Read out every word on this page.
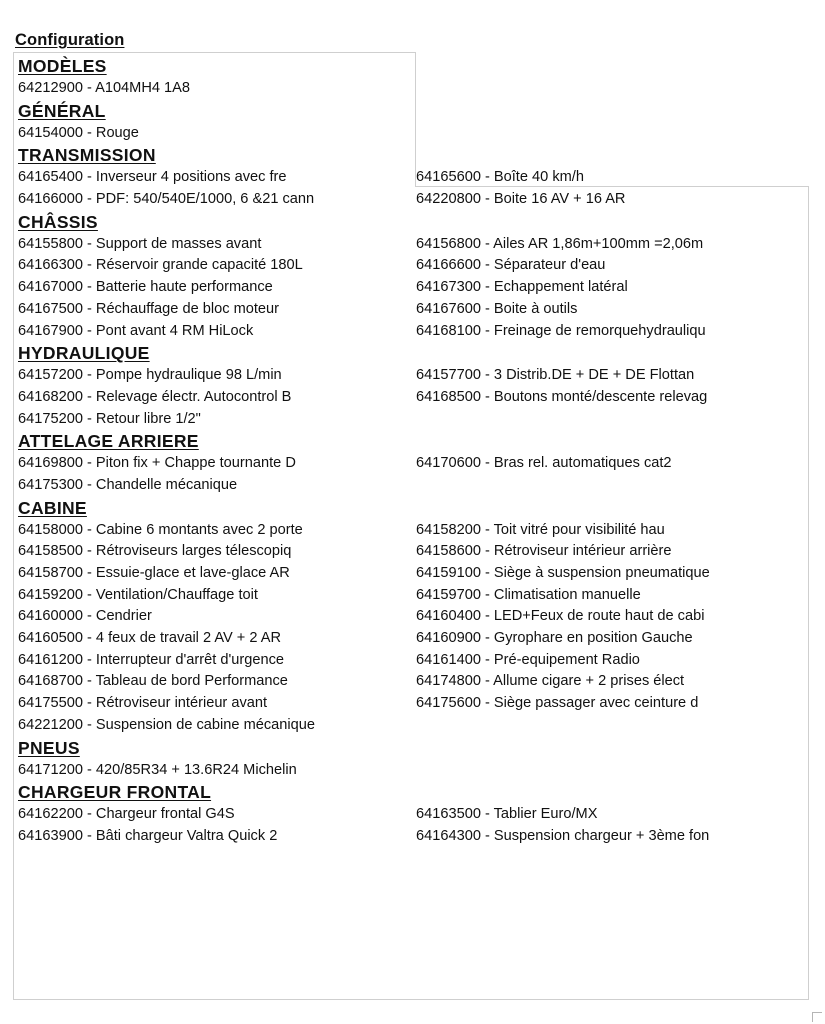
Configuration
MODÈLES
64212900 - A104MH4 1A8
GÉNÉRAL
64154000 - Rouge
TRANSMISSION
64165400 - Inverseur 4 positions avec fre	64165600 - Boîte 40 km/h
64166000 - PDF: 540/540E/1000, 6 &21 cann	64220800 - Boite 16 AV + 16 AR
CHÂSSIS
64155800 - Support de masses avant	64156800 - Ailes AR 1,86m+100mm =2,06m
64166300 - Réservoir grande capacité 180L	64166600 - Séparateur d'eau
64167000 - Batterie haute performance	64167300 - Echappement latéral
64167500 - Réchauffage de bloc moteur	64167600 - Boite à outils
64167900 - Pont avant 4 RM HiLock	64168100 - Freinage de remorquehydrauliqu
HYDRAULIQUE
64157200 - Pompe hydraulique 98 L/min	64157700 - 3 Distrib.DE + DE + DE Flottan
64168200 - Relevage électr. Autocontrol B	64168500 - Boutons monté/descente relevag
64175200 - Retour libre 1/2"
ATTELAGE ARRIERE
64169800 - Piton fix + Chappe tournante D	64170600 - Bras rel. automatiques cat2
64175300 - Chandelle mécanique
CABINE
64158000 - Cabine 6 montants avec 2 porte	64158200 - Toit vitré pour visibilité hau
64158500 - Rétroviseurs larges télescopiq	64158600 - Rétroviseur intérieur arrière
64158700 - Essuie-glace et lave-glace AR	64159100 - Siège à suspension pneumatique
64159200 - Ventilation/Chauffage toit	64159700 - Climatisation manuelle
64160000 - Cendrier	64160400 - LED+Feux de route haut de cabi
64160500 - 4 feux de travail 2 AV + 2 AR	64160900 - Gyrophare en position Gauche
64161200 - Interrupteur d'arrêt d'urgence	64161400 - Pré-equipement Radio
64168700 - Tableau de bord Performance	64174800 - Allume cigare + 2 prises élect
64175500 - Rétroviseur intérieur avant	64175600 - Siège passager avec ceinture d
64221200 - Suspension de cabine mécanique
PNEUS
64171200 - 420/85R34 + 13.6R24 Michelin
CHARGEUR FRONTAL
64162200 - Chargeur frontal G4S	64163500 - Tablier Euro/MX
64163900 - Bâti chargeur Valtra Quick 2	64164300 - Suspension chargeur + 3ème fon
